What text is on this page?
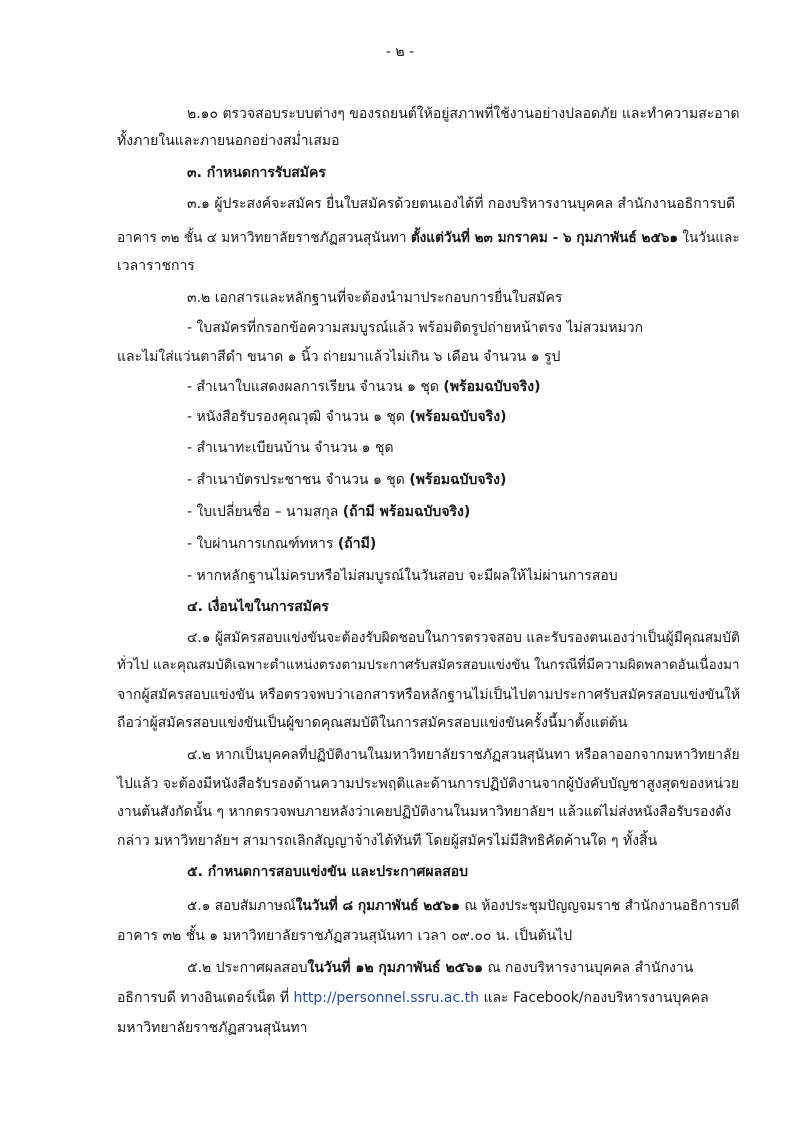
- ๒ -
๒.๑๐ ตรวจสอบระบบต่างๆ ของรถยนต์ให้อยู่สภาพที่ใช้งานอย่างปลอดภัย และทำความสะอาด
ทั้งภายในและภายนอกอย่างสม่ำเสมอ
๓. กำหนดการรับสมัคร
๓.๑ ผู้ประสงค์จะสมัคร ยื่นใบสมัครด้วยตนเองได้ที่ กองบริหารงานบุคคล สำนักงานอธิการบดี
อาคาร ๓๒ ชั้น ๔ มหาวิทยาลัยราชภัฏสวนสุนันทา ตั้งแต่วันที่ ๒๓ มกราคม - ๖ กุมภาพันธ์ ๒๕๖๑ ในวันและ
เวลาราชการ
๓.๒ เอกสารและหลักฐานที่จะต้องนำมาประกอบการยื่นใบสมัคร
- ใบสมัครที่กรอกข้อความสมบูรณ์แล้ว พร้อมติดรูปถ่ายหน้าตรง ไม่สวมหมวก
และไม่ใส่แว่นตาสีดำ ขนาด ๑ นิ้ว ถ่ายมาแล้วไม่เกิน ๖ เดือน จำนวน ๑ รูป
- สำเนาใบแสดงผลการเรียน จำนวน ๑ ชุด (พร้อมฉบับจริง)
- หนังสือรับรองคุณวุฒิ จำนวน ๑ ชุด (พร้อมฉบับจริง)
- สำเนาทะเบียนบ้าน จำนวน ๑ ชุด
- สำเนาบัตรประชาชน จำนวน ๑ ชุด (พร้อมฉบับจริง)
- ใบเปลี่ยนชื่อ – นามสกุล (ถ้ามี พร้อมฉบับจริง)
- ใบผ่านการเกณฑ์ทหาร (ถ้ามี)
- หากหลักฐานไม่ครบหรือไม่สมบูรณ์ในวันสอบ จะมีผลให้ไม่ผ่านการสอบ
๔. เงื่อนไขในการสมัคร
๔.๑ ผู้สมัครสอบแข่งขันจะต้องรับผิดชอบในการตรวจสอบ และรับรองตนเองว่าเป็นผู้มีคุณสมบัติ
ทั่วไป และคุณสมบัติเฉพาะตำแหน่งตรงตามประกาศรับสมัครสอบแข่งขัน ในกรณีที่มีความผิดพลาดอันเนื่องมา
จากผู้สมัครสอบแข่งขัน หรือตรวจพบว่าเอกสารหรือหลักฐานไม่เป็นไปตามประกาศรับสมัครสอบแข่งขันให้
ถือว่าผู้สมัครสอบแข่งขันเป็นผู้ขาดคุณสมบัติในการสมัครสอบแข่งขันครั้งนี้มาตั้งแต่ต้น
๔.๒ หากเป็นบุคคลที่ปฏิบัติงานในมหาวิทยาลัยราชภัฏสวนสุนันทา หรือลาออกจากมหาวิทยาลัย
ไปแล้ว จะต้องมีหนังสือรับรองด้านความประพฤติและด้านการปฏิบัติงานจากผู้บังคับบัญชาสูงสุดของหน่วย
งานต้นสังกัดนั้น ๆ หากตรวจพบภายหลังว่าเคยปฏิบัติงานในมหาวิทยาลัยฯ แล้วแต่ไม่ส่งหนังสือรับรองดัง
กล่าว มหาวิทยาลัยฯ สามารถเลิกสัญญาจ้างได้ทันที โดยผู้สมัครไม่มีสิทธิคัดค้านใด ๆ ทั้งสิ้น
๕. กำหนดการสอบแข่งขัน และประกาศผลสอบ
๕.๑ สอบสัมภาษณ์ในวันที่ ๘ กุมภาพันธ์ ๒๕๖๑ ณ ห้องประชุมปัญญจมราช สำนักงานอธิการบดี
อาคาร ๓๒ ชั้น ๑ มหาวิทยาลัยราชภัฏสวนสุนันทา เวลา ๐๙.๐๐ น. เป็นต้นไป
๕.๒ ประกาศผลสอบในวันที่ ๑๒ กุมภาพันธ์ ๒๕๖๑ ณ กองบริหารงานบุคคล สำนักงาน
อธิการบดี ทางอินเตอร์เน็ต ที่ http://personnel.ssru.ac.th และ Facebook/กองบริหารงานบุคคล
มหาวิทยาลัยราชภัฏสวนสุนันทา
